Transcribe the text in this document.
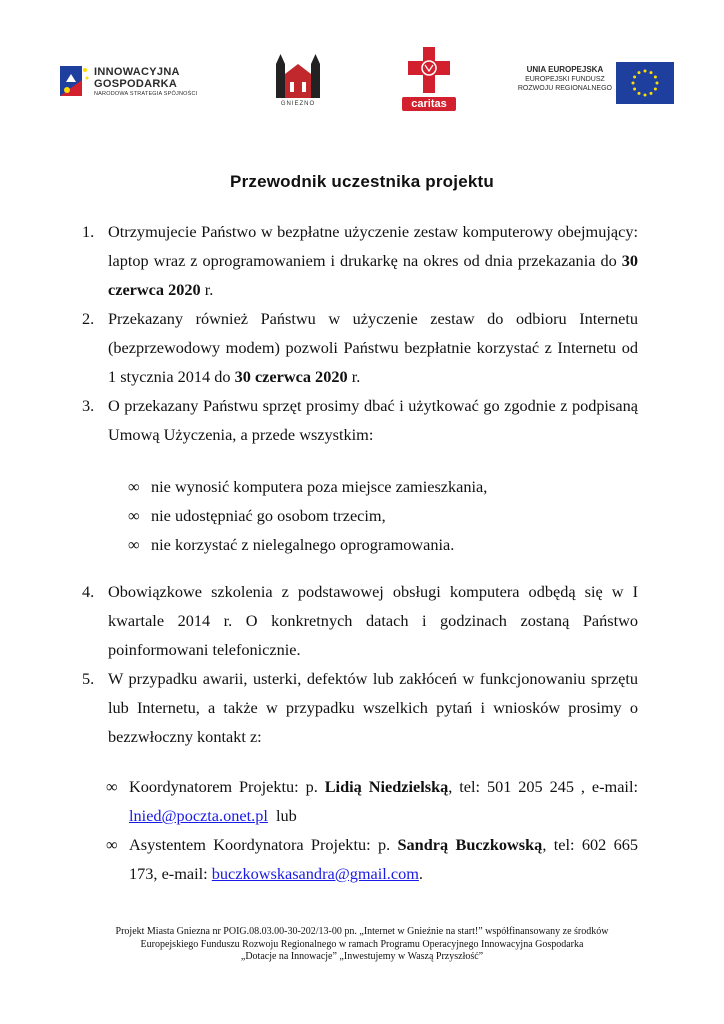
INNOWACYJNA
GOSPODARKA
NARODOWA STRATEGIA SPÓJNOŚCI
GNIEZNO	caritas
UNIA EUROPEJSKA
EUROPEJSKI FUNDUSZ
ROZWOJU REGIONALNEGO
Przewodnik uczestnika projektu
1. Otrzymujecie Państwo w bezpłatne użyczenie zestaw komputerowy obejmujący: laptop wraz z oprogramowaniem i drukarkę na okres od dnia przekazania do 30 czerwca 2020 r.
2. Przekazany również Państwu w użyczenie zestaw do odbioru Internetu (bezprzewodowy modem) pozwoli Państwu bezpłatnie korzystać z Internetu od 1 stycznia 2014 do 30 czerwca 2020 r.
3. O przekazany Państwu sprzęt prosimy dbać i użytkować go zgodnie z podpisaną Umową Użyczenia, a przede wszystkim:
∞ nie wynosić komputera poza miejsce zamieszkania,
∞ nie udostępniać go osobom trzecim,
∞ nie korzystać z nielegalnego oprogramowania.
4. Obowiązkowe szkolenia z podstawowej obsługi komputera odbędą się w I kwartale 2014 r. O konkretnych datach i godzinach zostaną Państwo poinformowani telefonicznie.
5. W przypadku awarii, usterki, defektów lub zakłóceń w funkcjonowaniu sprzętu lub Internetu, a także w przypadku wszelkich pytań i wniosków prosimy o bezzwłoczny kontakt z:
∞ Koordynatorem Projektu: p. Lidią Niedzielską, tel: 501 205 245 , e-mail: lnied@poczta.onet.pl  lub
∞ Asystentem Koordynatora Projektu: p. Sandrą Buczkowską, tel: 602 665 173, e-mail: buczkowskasandra@gmail.com.
Projekt Miasta Gniezna nr POIG.08.03.00-30-202/13-00 pn. „Internet w Gnieźnie na start!” współfinansowany ze środków
Europejskiego Funduszu Rozwoju Regionalnego w ramach Programu Operacyjnego Innowacyjna Gospodarka
„Dotacje na Innowacje” „Inwestujemy w Waszą Przyszłość”
